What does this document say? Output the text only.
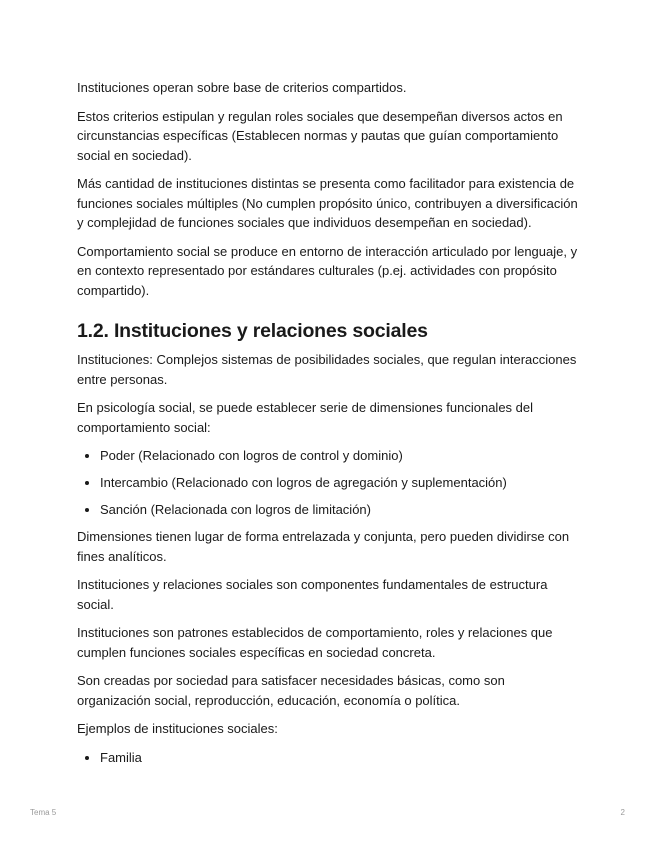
Instituciones operan sobre base de criterios compartidos.

Estos criterios estipulan y regulan roles sociales que desempeñan diversos actos en circunstancias específicas (Establecen normas y pautas que guían comportamiento social en sociedad).

Más cantidad de instituciones distintas se presenta como facilitador para existencia de funciones sociales múltiples (No cumplen propósito único, contribuyen a diversificación y complejidad de funciones sociales que individuos desempeñan en sociedad).

Comportamiento social se produce en entorno de interacción articulado por lenguaje, y en contexto representado por estándares culturales (p.ej. actividades con propósito compartido).

1.2. Instituciones y relaciones sociales

Instituciones: Complejos sistemas de posibilidades sociales, que regulan interacciones entre personas.

En psicología social, se puede establecer serie de dimensiones funcionales del comportamiento social:

• Poder (Relacionado con logros de control y dominio)
• Intercambio (Relacionado con logros de agregación y suplementación)
• Sanción (Relacionada con logros de limitación)

Dimensiones tienen lugar de forma entrelazada y conjunta, pero pueden dividirse con fines analíticos.

Instituciones y relaciones sociales son componentes fundamentales de estructura social.

Instituciones son patrones establecidos de comportamiento, roles y relaciones que cumplen funciones sociales específicas en sociedad concreta.

Son creadas por sociedad para satisfacer necesidades básicas, como son organización social, reproducción, educación, economía o política.

Ejemplos de instituciones sociales:

• Familia
Tema 5	2
